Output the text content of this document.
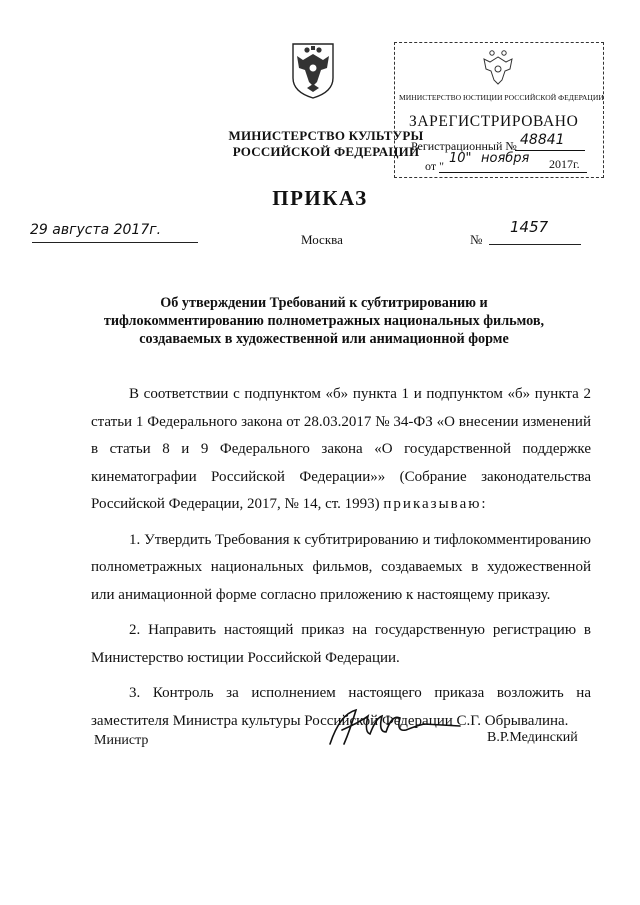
МИНИСТЕРСТВО КУЛЬТУРЫ
РОССИЙСКОЙ ФЕДЕРАЦИИ
МИНИСТЕРСТВО ЮСТИЦИИ РОССИЙСКОЙ ФЕДЕРАЦИИ
ЗАРЕГИСТРИРОВАНО
Регистрационный № 48841
от " 10" ноября 2017г.
ПРИКАЗ
29 августа 2017г.
Москва	№
1457
Об утверждении Требований к субтитрированию и
тифлокомментированию полнометражных национальных фильмов,
создаваемых в художественной или анимационной форме

В соответствии с подпунктом «б» пункта 1 и подпунктом «б» пункта 2 статьи 1 Федерального закона от 28.03.2017 № 34-ФЗ «О внесении изменений в статьи 8 и 9 Федерального закона «О государственной поддержке кинематографии Российской Федерации»» (Собрание законодательства Российской Федерации, 2017, № 14, ст. 1993) приказываю:

1. Утвердить Требования к субтитрированию и тифлокомментированию полнометражных национальных фильмов, создаваемых в художественной или анимационной форме согласно приложению к настоящему приказу.

2. Направить настоящий приказ на государственную регистрацию в Министерство юстиции Российской Федерации.

3. Контроль за исполнением настоящего приказа возложить на заместителя Министра культуры Российской Федерации С.Г. Обрывалина.

Министр	В.Р.Мединский
